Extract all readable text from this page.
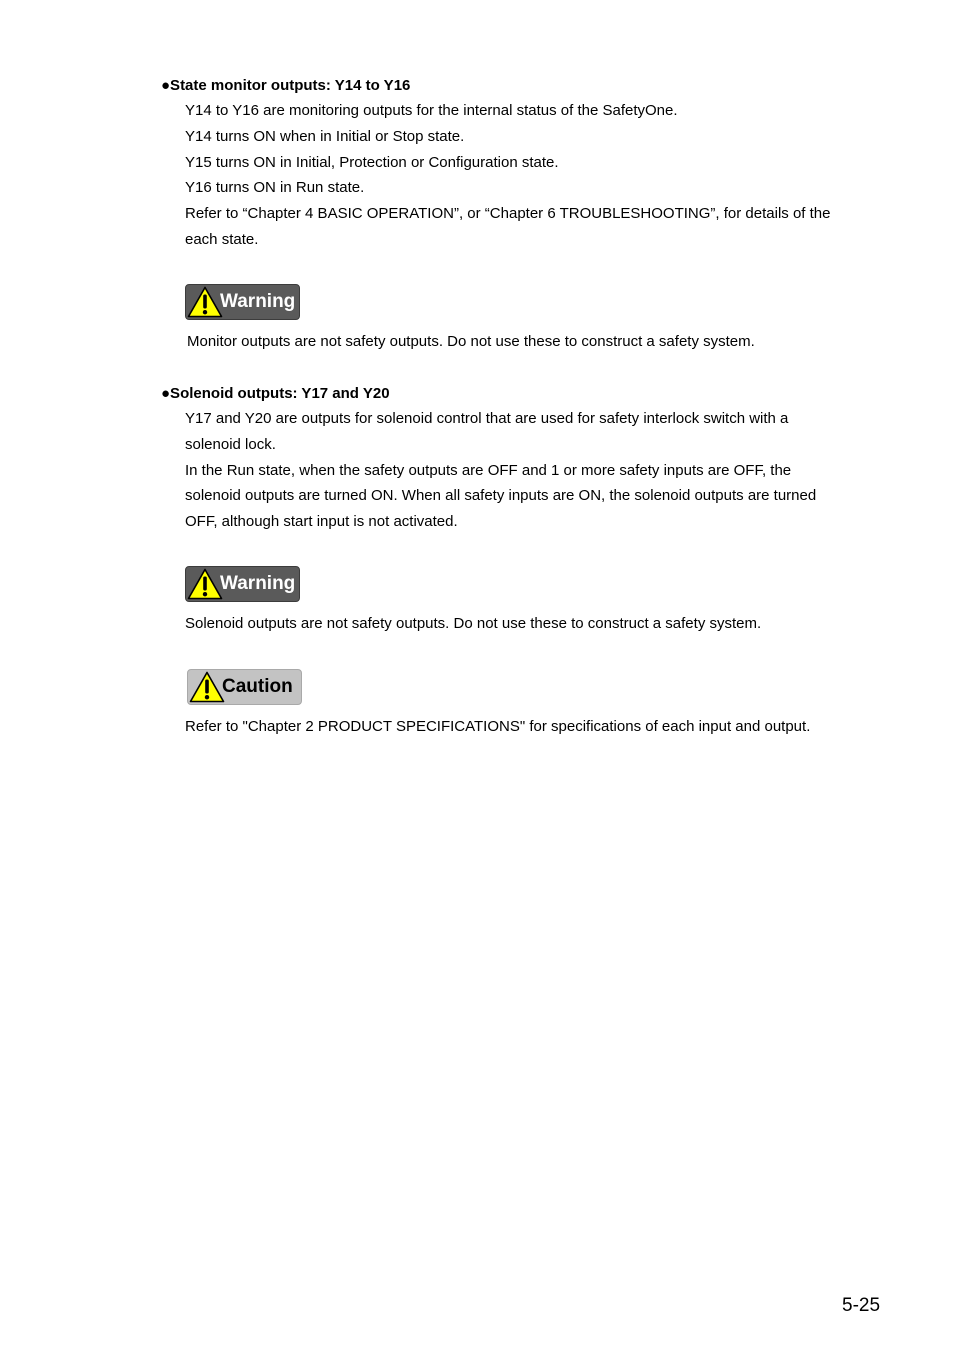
●State monitor outputs: Y14 to Y16
Y14 to Y16 are monitoring outputs for the internal status of the SafetyOne.
Y14 turns ON when in Initial or Stop state.
Y15 turns ON in Initial, Protection or Configuration state.
Y16 turns ON in Run state.
Refer to “Chapter 4 BASIC OPERATION”, or “Chapter 6 TROUBLESHOOTING”, for details of the
each state.
Warning
Monitor outputs are not safety outputs. Do not use these to construct a safety system.
●Solenoid outputs: Y17 and Y20
Y17 and Y20 are outputs for solenoid control that are used for safety interlock switch with a
solenoid lock.
In the Run state, when the safety outputs are OFF and 1 or more safety inputs are OFF, the
solenoid outputs are turned ON. When all safety inputs are ON, the solenoid outputs are turned
OFF, although start input is not activated.
Warning
Solenoid outputs are not safety outputs. Do not use these to construct a safety system.
Caution
Refer to "Chapter 2 PRODUCT SPECIFICATIONS" for specifications of each input and output.
5-25
